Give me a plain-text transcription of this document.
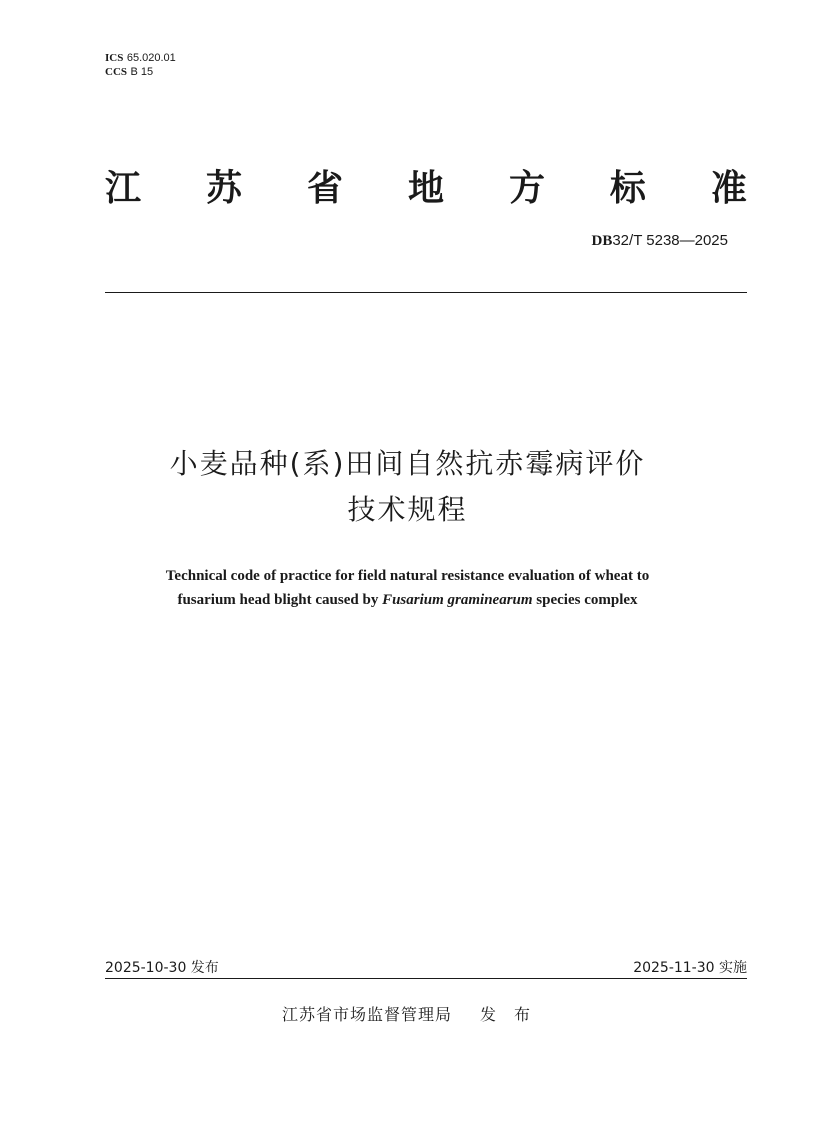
ICS 65.020.01
CCS B 15
江 苏 省 地 方 标 准
DB32/T 5238—2025
小麦品种(系)田间自然抗赤霉病评价
技术规程
Technical code of practice for field natural resistance evaluation of wheat to
fusarium head blight caused by Fusarium graminearum species complex
2025-10-30 发布	2025-11-30 实施
江苏省市场监督管理局 发布
